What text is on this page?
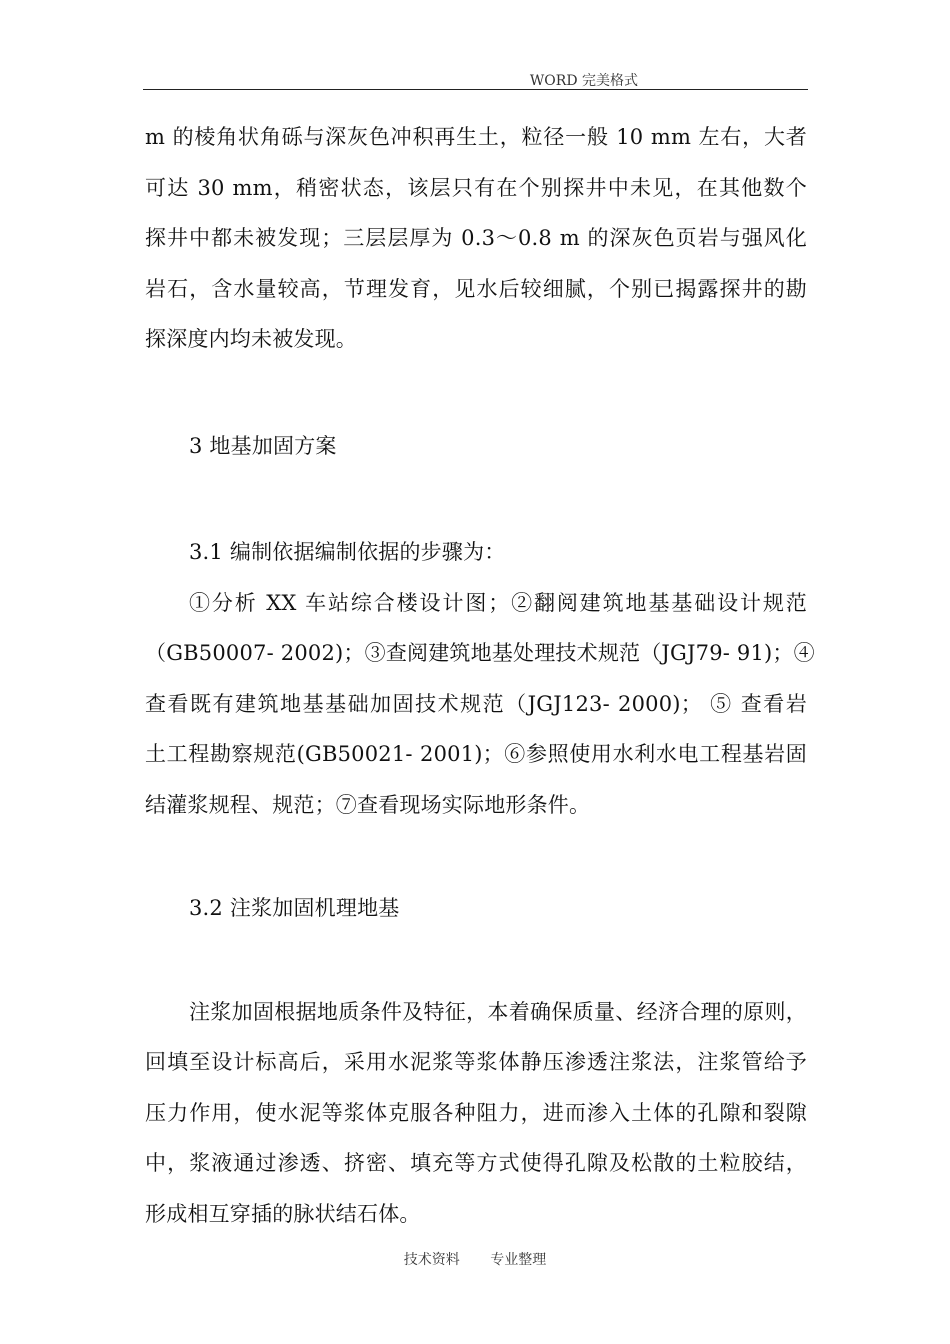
WORD 完美格式
m 的棱角状角砾与深灰色冲积再生土，粒径一般 10 mm 左右，大者
可达 30 mm，稍密状态，该层只有在个别探井中未见，在其他数个
探井中都未被发现；三层层厚为 0.3～0.8 m 的深灰色页岩与强风化
岩石，含水量较高，节理发育，见水后较细腻，个别已揭露探井的勘
探深度内均未被发现。
3 地基加固方案
3.1 编制依据编制依据的步骤为：
①分析 XX 车站综合楼设计图；②翻阅建筑地基基础设计规范
（GB50007- 2002)；③查阅建筑地基处理技术规范（JGJ79- 91)；④
查看既有建筑地基基础加固技术规范（JGJ123- 2000)； ⑤ 查看岩
土工程勘察规范(GB50021- 2001)；⑥参照使用水利水电工程基岩固
结灌浆规程、规范；⑦查看现场实际地形条件。
3.2 注浆加固机理地基
注浆加固根据地质条件及特征，本着确保质量、经济合理的原则，
回填至设计标高后，采用水泥浆等浆体静压渗透注浆法，注浆管给予
压力作用，使水泥等浆体克服各种阻力，进而渗入土体的孔隙和裂隙
中，浆液通过渗透、挤密、填充等方式使得孔隙及松散的土粒胶结，
形成相互穿插的脉状结石体。
技术资料 专业整理
